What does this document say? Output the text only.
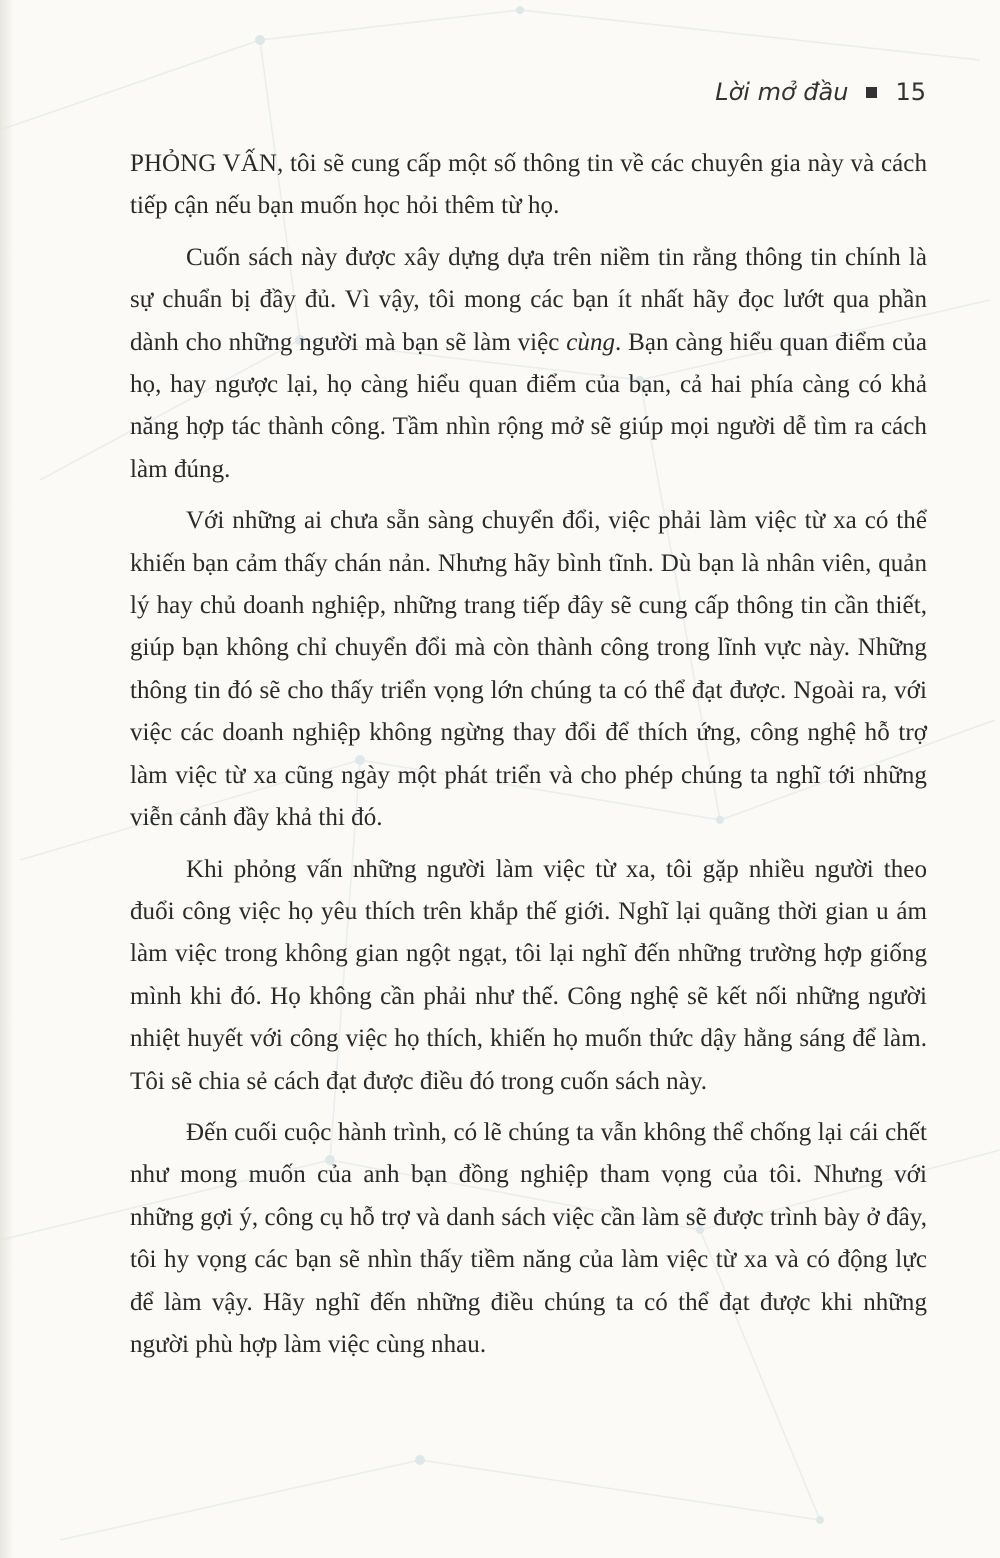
Lời mở đầu 15

PHỎNG VẤN, tôi sẽ cung cấp một số thông tin về các chuyên gia này và cách tiếp cận nếu bạn muốn học hỏi thêm từ họ.

Cuốn sách này được xây dựng dựa trên niềm tin rằng thông tin chính là sự chuẩn bị đầy đủ. Vì vậy, tôi mong các bạn ít nhất hãy đọc lướt qua phần dành cho những người mà bạn sẽ làm việc cùng. Bạn càng hiểu quan điểm của họ, hay ngược lại, họ càng hiểu quan điểm của bạn, cả hai phía càng có khả năng hợp tác thành công. Tầm nhìn rộng mở sẽ giúp mọi người dễ tìm ra cách làm đúng.

Với những ai chưa sẵn sàng chuyển đổi, việc phải làm việc từ xa có thể khiến bạn cảm thấy chán nản. Nhưng hãy bình tĩnh. Dù bạn là nhân viên, quản lý hay chủ doanh nghiệp, những trang tiếp đây sẽ cung cấp thông tin cần thiết, giúp bạn không chỉ chuyển đổi mà còn thành công trong lĩnh vực này. Những thông tin đó sẽ cho thấy triển vọng lớn chúng ta có thể đạt được. Ngoài ra, với việc các doanh nghiệp không ngừng thay đổi để thích ứng, công nghệ hỗ trợ làm việc từ xa cũng ngày một phát triển và cho phép chúng ta nghĩ tới những viễn cảnh đầy khả thi đó.

Khi phỏng vấn những người làm việc từ xa, tôi gặp nhiều người theo đuổi công việc họ yêu thích trên khắp thế giới. Nghĩ lại quãng thời gian u ám làm việc trong không gian ngột ngạt, tôi lại nghĩ đến những trường hợp giống mình khi đó. Họ không cần phải như thế. Công nghệ sẽ kết nối những người nhiệt huyết với công việc họ thích, khiến họ muốn thức dậy hằng sáng để làm. Tôi sẽ chia sẻ cách đạt được điều đó trong cuốn sách này.

Đến cuối cuộc hành trình, có lẽ chúng ta vẫn không thể chống lại cái chết như mong muốn của anh bạn đồng nghiệp tham vọng của tôi. Nhưng với những gợi ý, công cụ hỗ trợ và danh sách việc cần làm sẽ được trình bày ở đây, tôi hy vọng các bạn sẽ nhìn thấy tiềm năng của làm việc từ xa và có động lực để làm vậy. Hãy nghĩ đến những điều chúng ta có thể đạt được khi những người phù hợp làm việc cùng nhau.
